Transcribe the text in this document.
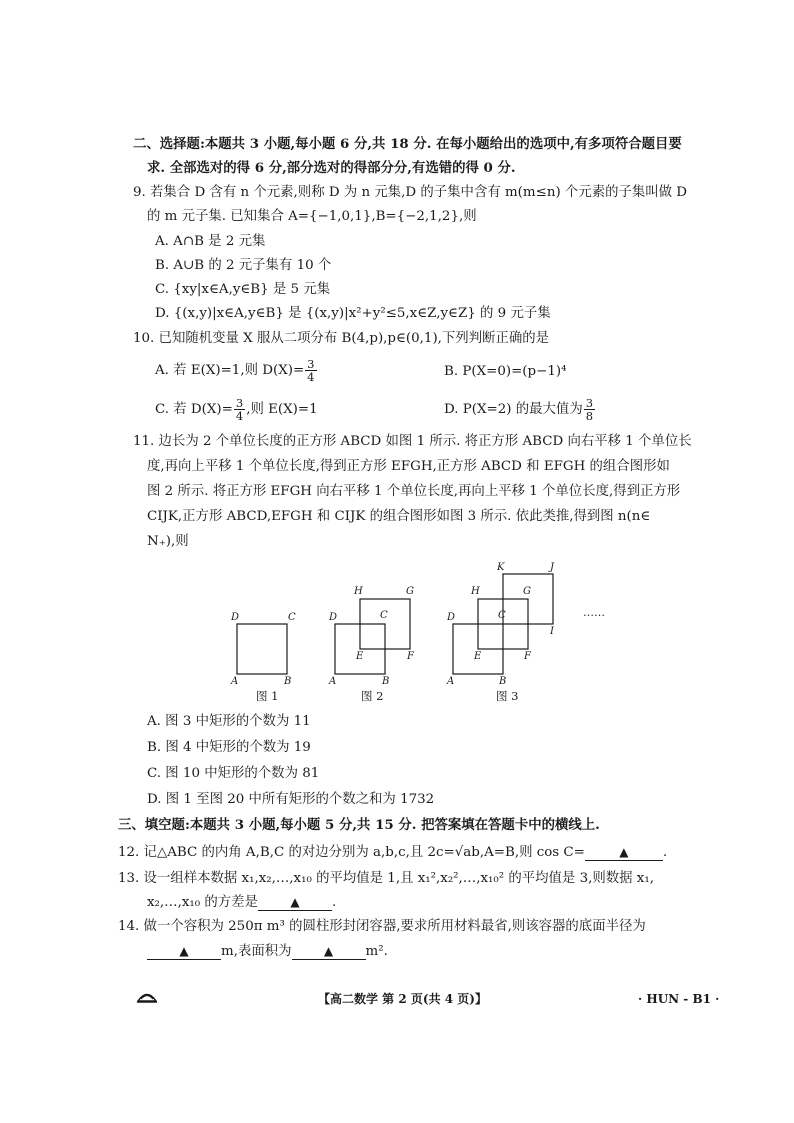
二、选择题:本题共 3 小题,每小题 6 分,共 18 分. 在每小题给出的选项中,有多项符合题目要
求. 全部选对的得 6 分,部分选对的得部分分,有选错的得 0 分.
9. 若集合 D 含有 n 个元素,则称 D 为 n 元集,D 的子集中含有 m(m≤n) 个元素的子集叫做 D
的 m 元子集. 已知集合 A={−1,0,1},B={−2,1,2},则
A. A∩B 是 2 元集
B. A∪B 的 2 元子集有 10 个
C. {xy|x∈A,y∈B} 是 5 元集
D. {(x,y)|x∈A,y∈B} 是 {(x,y)|x²+y²≤5,x∈Z,y∈Z} 的 9 元子集
10. 已知随机变量 X 服从二项分布 B(4,p),p∈(0,1),下列判断正确的是
A. 若 E(X)=1,则 $D(X)= \frac{3}{4}$	B. P(X=0)=(p−1)⁴
C. 若 $D(X)= \frac{3}{4}$ ,则 E(X)=1	D. P(X=2) 的最大值为 $\frac{3}{8}$
11. 边长为 2 个单位长度的正方形 ABCD 如图 1 所示. 将正方形 ABCD 向右平移 1 个单位长
度,再向上平移 1 个单位长度,得到正方形 EFGH,正方形 ABCD 和 EFGH 的组合图形如
图 2 所示. 将正方形 EFGH 向右平移 1 个单位长度,再向上平移 1 个单位长度,得到正方形
CIJK,正方形 ABCD,EFGH 和 CIJK 的组合图形如图 3 所示. 依此类推,得到图 n(n∈
N₊),则
D	C
A	B
H	G
D	C
E	F
A	B
K	J
H	G
D	C
I
E	F
A	B
……
图 1	图 2	图 3
A. 图 3 中矩形的个数为 11
B. 图 4 中矩形的个数为 19
C. 图 10 中矩形的个数为 81
D. 图 1 至图 20 中所有矩形的个数之和为 1732
三、填空题:本题共 3 小题,每小题 5 分,共 15 分. 把答案填在答题卡中的横线上.
12. 记△ABC 的内角 A,B,C 的对边分别为 a,b,c,且 2c=√ab,A=B,则 cos C=	▲	.
13. 设一组样本数据 x₁,x₂,…,x₁₀ 的平均值是 1,且 x₁²,x₂²,…,x₁₀² 的平均值是 3,则数据 x₁,
x₂,…,x₁₀ 的方差是	▲ .
14. 做一个容积为 250π m³ 的圆柱形封闭容器,要求所用材料最省,则该容器的底面半径为
▲ m,表面积为	▲ m².
【高二数学 第 2 页(共 4 页)】	· HUN - B1 ·
